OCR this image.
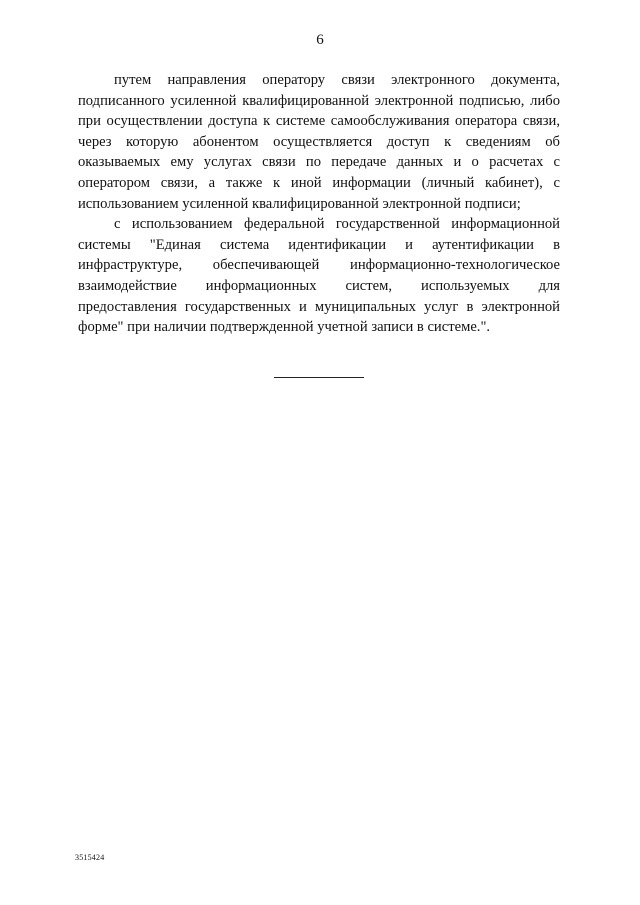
6

путем направления оператору связи электронного документа, подписанного усиленной квалифицированной электронной подписью, либо при осуществлении доступа к системе самообслуживания оператора связи, через которую абонентом осуществляется доступ к сведениям об оказываемых ему услугах связи по передаче данных и о расчетах с оператором связи, а также к иной информации (личный кабинет), с использованием усиленной квалифицированной электронной подписи;

с использованием федеральной государственной информационной системы "Единая система идентификации и аутентификации в инфраструктуре, обеспечивающей информационно-технологическое взаимодействие информационных систем, используемых для предоставления государственных и муниципальных услуг в электронной форме" при наличии подтвержденной учетной записи в системе.".

3515424
